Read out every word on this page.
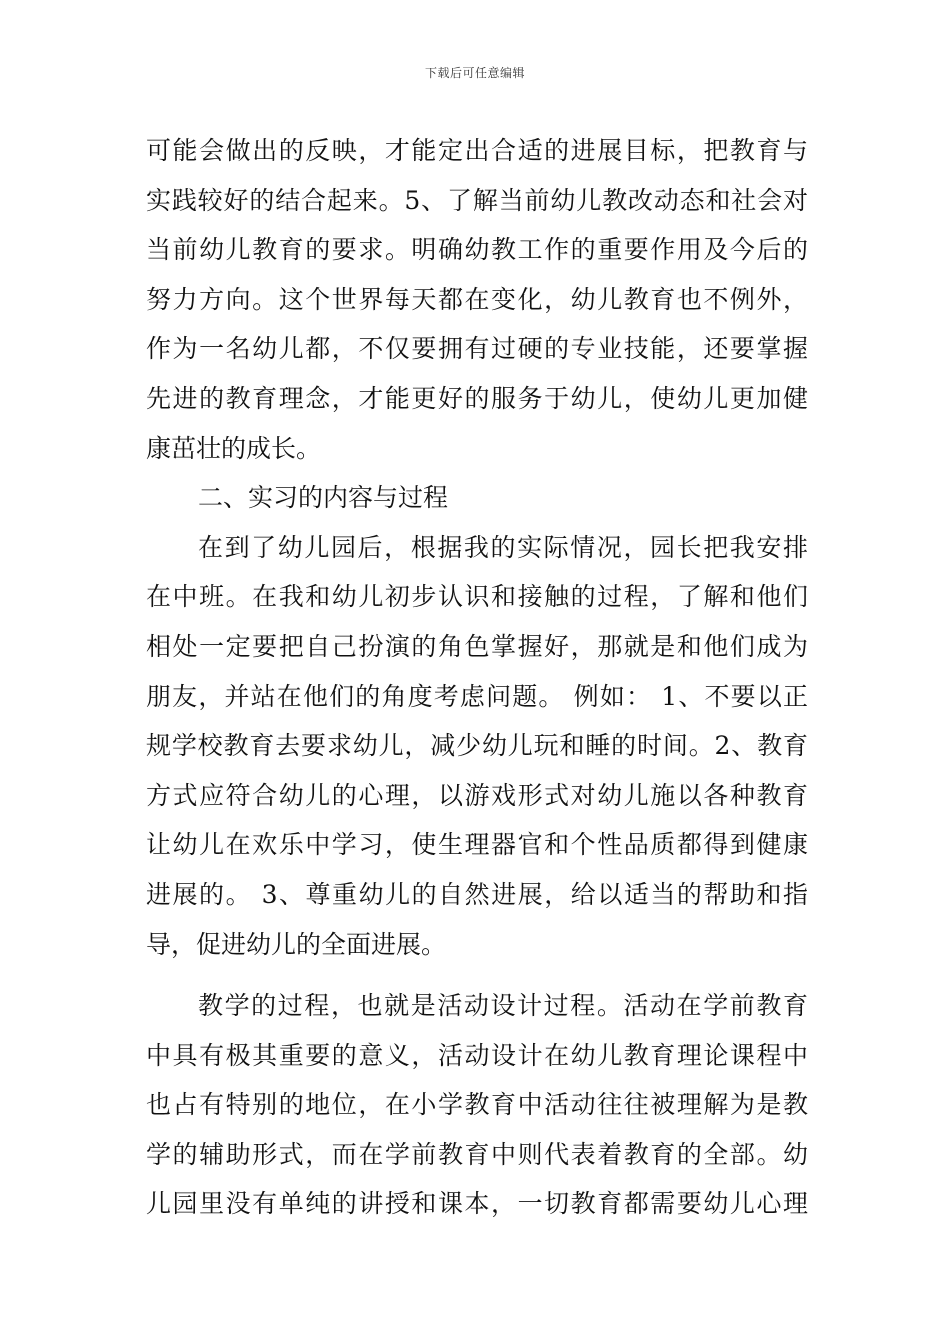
下载后可任意编辑
可能会做出的反映，才能定出合适的进展目标，把教育与
实践较好的结合起来。5、了解当前幼儿教改动态和社会对
当前幼儿教育的要求。明确幼教工作的重要作用及今后的
努力方向。这个世界每天都在变化，幼儿教育也不例外，
作为一名幼儿都，不仅要拥有过硬的专业技能，还要掌握
先进的教育理念，才能更好的服务于幼儿，使幼儿更加健
康茁壮的成长。
二、实习的内容与过程
在到了幼儿园后，根据我的实际情况，园长把我安排
在中班。在我和幼儿初步认识和接触的过程，了解和他们
相处一定要把自己扮演的角色掌握好，那就是和他们成为
朋友，并站在他们的角度考虑问题。 例如： 1、不要以正
规学校教育去要求幼儿，减少幼儿玩和睡的时间。2、教育
方式应符合幼儿的心理，以游戏形式对幼儿施以各种教育
让幼儿在欢乐中学习，使生理器官和个性品质都得到健康
进展的。 3、尊重幼儿的自然进展，给以适当的帮助和指
导，促进幼儿的全面进展。
教学的过程，也就是活动设计过程。活动在学前教育
中具有极其重要的意义，活动设计在幼儿教育理论课程中
也占有特别的地位，在小学教育中活动往往被理解为是教
学的辅助形式，而在学前教育中则代表着教育的全部。幼
儿园里没有单纯的讲授和课本，一切教育都需要幼儿心理
